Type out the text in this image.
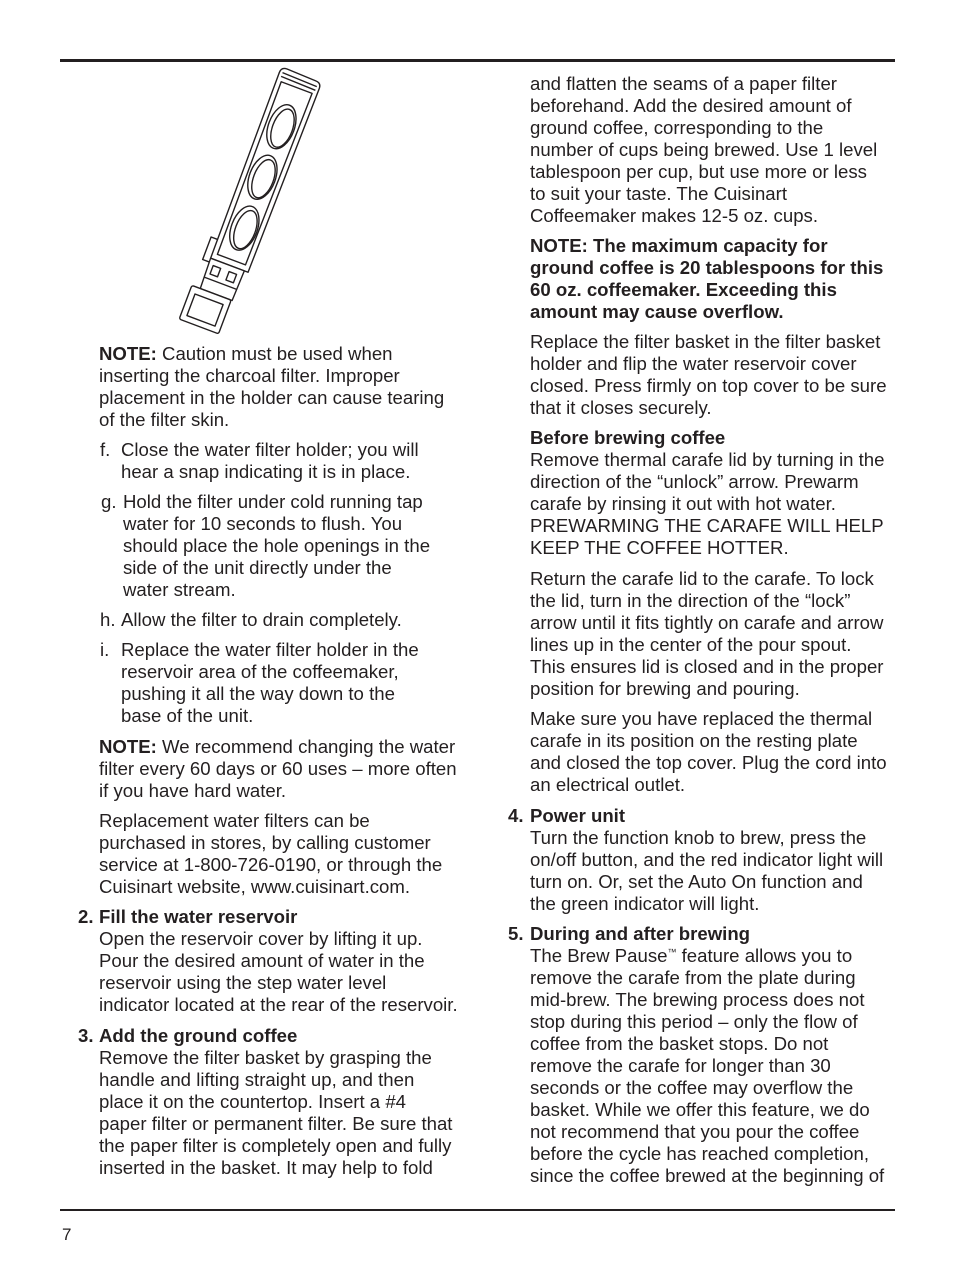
NOTE: Caution must be used when
inserting the charcoal filter. Improper
placement in the holder can cause tearing
of the filter skin.
f. Close the water filter holder; you will
hear a snap indicating it is in place.
g. Hold the filter under cold running tap
water for 10 seconds to flush. You
should place the hole openings in the
side of the unit directly under the
water stream.
h. Allow the filter to drain completely.
i. Replace the water filter holder in the
reservoir area of the coffeemaker,
pushing it all the way down to the
base of the unit.
NOTE: We recommend changing the water
filter every 60 days or 60 uses – more often
if you have hard water.
Replacement water filters can be
purchased in stores, by calling customer
service at 1-800-726-0190, or through the
Cuisinart website, www.cuisinart.com.
2. Fill the water reservoir
Open the reservoir cover by lifting it up.
Pour the desired amount of water in the
reservoir using the step water level
indicator located at the rear of the reservoir.
3. Add the ground coffee
Remove the filter basket by grasping the
handle and lifting straight up, and then
place it on the countertop. Insert a #4
paper filter or permanent filter. Be sure that
the paper filter is completely open and fully
inserted in the basket. It may help to fold
and flatten the seams of a paper filter
beforehand. Add the desired amount of
ground coffee, corresponding to the
number of cups being brewed. Use 1 level
tablespoon per cup, but use more or less
to suit your taste. The Cuisinart
Coffeemaker makes 12-5 oz. cups.
NOTE: The maximum capacity for
ground coffee is 20 tablespoons for this
60 oz. coffeemaker. Exceeding this
amount may cause overflow.
Replace the filter basket in the filter basket
holder and flip the water reservoir cover
closed. Press firmly on top cover to be sure
that it closes securely.
Before brewing coffee
Remove thermal carafe lid by turning in the
direction of the “unlock” arrow. Prewarm
carafe by rinsing it out with hot water.
PREWARMING THE CARAFE WILL HELP
KEEP THE COFFEE HOTTER.
Return the carafe lid to the carafe. To lock
the lid, turn in the direction of the “lock”
arrow until it fits tightly on carafe and arrow
lines up in the center of the pour spout.
This ensures lid is closed and in the proper
position for brewing and pouring.
Make sure you have replaced the thermal
carafe in its position on the resting plate
and closed the top cover. Plug the cord into
an electrical outlet.
4. Power unit
Turn the function knob to brew, press the
on/off button, and the red indicator light will
turn on. Or, set the Auto On function and
the green indicator will light.
5. During and after brewing
The Brew Pause™ feature allows you to
remove the carafe from the plate during
mid-brew. The brewing process does not
stop during this period – only the flow of
coffee from the basket stops. Do not
remove the carafe for longer than 30
seconds or the coffee may overflow the
basket. While we offer this feature, we do
not recommend that you pour the coffee
before the cycle has reached completion,
since the coffee brewed at the beginning of
7
